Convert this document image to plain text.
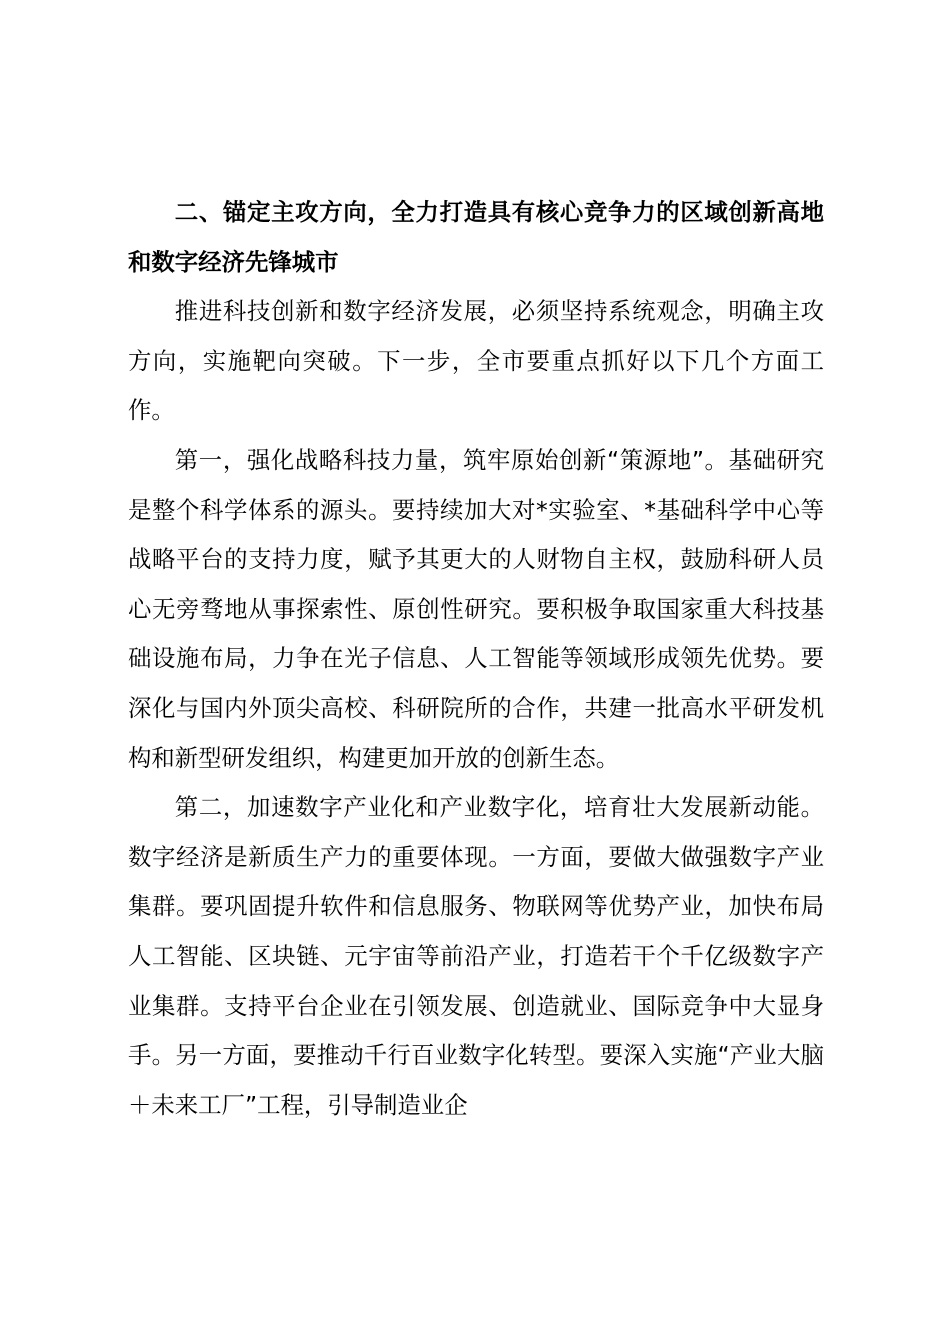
二、锚定主攻方向，全力打造具有核心竞争力的区域创新高地和数字经济先锋城市

推进科技创新和数字经济发展，必须坚持系统观念，明确主攻方向，实施靶向突破。下一步，全市要重点抓好以下几个方面工作。

第一，强化战略科技力量，筑牢原始创新“策源地”。基础研究是整个科学体系的源头。要持续加大对*实验室、*基础科学中心等战略平台的支持力度，赋予其更大的人财物自主权，鼓励科研人员心无旁骛地从事探索性、原创性研究。要积极争取国家重大科技基础设施布局，力争在光子信息、人工智能等领域形成领先优势。要深化与国内外顶尖高校、科研院所的合作，共建一批高水平研发机构和新型研发组织，构建更加开放的创新生态。

第二，加速数字产业化和产业数字化，培育壮大发展新动能。数字经济是新质生产力的重要体现。一方面，要做大做强数字产业集群。要巩固提升软件和信息服务、物联网等优势产业，加快布局人工智能、区块链、元宇宙等前沿产业，打造若干个千亿级数字产业集群。支持平台企业在引领发展、创造就业、国际竞争中大显身手。另一方面，要推动千行百业数字化转型。要深入实施“产业大脑＋未来工厂”工程，引导制造业企
